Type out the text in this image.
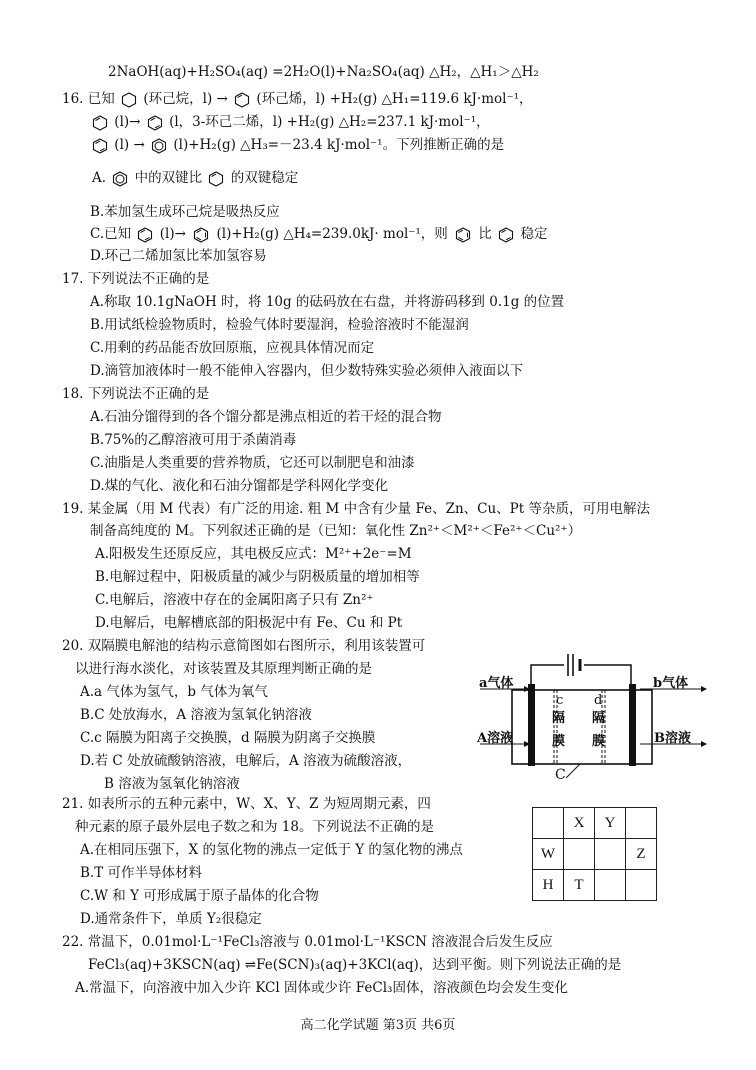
2NaOH(aq)+H₂SO₄(aq) =2H₂O(l)+Na₂SO₄(aq) △H₂，△H₁＞△H₂
16. 已知 (环己烷，l) → (环己烯，l) +H₂(g) △H₁=119.6 kJ·mol⁻¹，
(l)→ (l，3-环己二烯，l) +H₂(g) △H₂=237.1 kJ·mol⁻¹，
(l) → (l)+H₂(g) △H₃=－23.4 kJ·mol⁻¹。下列推断正确的是
A. 中的双键比 的双键稳定
B.苯加氢生成环己烷是吸热反应
C.已知 (l)→ (l)+H₂(g) △H₄=239.0kJ· mol⁻¹，则 比 稳定
D.环己二烯加氢比苯加氢容易
17. 下列说法不正确的是
A.称取 10.1gNaOH 时，将 10g 的砝码放在右盘，并将游码移到 0.1g 的位置
B.用试纸检验物质时，检验气体时要湿润，检验溶液时不能湿润
C.用剩的药品能否放回原瓶，应视具体情况而定
D.滴管加液体时一般不能伸入容器内，但少数特殊实验必须伸入液面以下
18. 下列说法不正确的是
A.石油分馏得到的各个馏分都是沸点相近的若干烃的混合物
B.75%的乙醇溶液可用于杀菌消毒
C.油脂是人类重要的营养物质，它还可以制肥皂和油漆
D.煤的气化、液化和石油分馏都是学科网化学变化
19. 某金属（用 M 代表）有广泛的用途. 粗 M 中含有少量 Fe、Zn、Cu、Pt 等杂质，可用电解法
制备高纯度的 M。下列叙述正确的是（已知：氧化性 Zn²⁺＜M²⁺＜Fe²⁺＜Cu²⁺）
A.阳极发生还原反应，其电极反应式：M²⁺+2e⁻=M
B.电解过程中，阳极质量的减少与阴极质量的增加相等
C.电解后，溶液中存在的金属阳离子只有 Zn²⁺
D.电解后，电解槽底部的阳极泥中有 Fe、Cu 和 Pt
20. 双隔膜电解池的结构示意简图如右图所示，利用该装置可
以进行海水淡化，对该装置及其原理判断正确的是
A.a 气体为氢气，b 气体为氧气
B.C 处放海水，A 溶液为氢氧化钠溶液
C.c 隔膜为阳离子交换膜，d 隔膜为阴离子交换膜
D.若 C 处放硫酸钠溶液，电解后，A 溶液为硫酸溶液，
B 溶液为氢氧化钠溶液
a气体	b气体
A溶液	B溶液
c
隔
膜
d
隔
膜
C
21. 如表所示的五种元素中，W、X、Y、Z 为短周期元素，四
种元素的原子最外层电子数之和为 18。下列说法不正确的是
A.在相同压强下，X 的氢化物的沸点一定低于 Y 的氢化物的沸点
B.T 可作半导体材料
C.W 和 Y 可形成属于原子晶体的化合物
D.通常条件下，单质 Y₂很稳定
	X	Y	
W			Z
H	T		
22. 常温下，0.01mol·L⁻¹FeCl₃溶液与 0.01mol·L⁻¹KSCN 溶液混合后发生反应
FeCl₃(aq)+3KSCN(aq) ⇌Fe(SCN)₃(aq)+3KCl(aq)，达到平衡。则下列说法正确的是
A.常温下，向溶液中加入少许 KCl 固体或少许 FeCl₃固体，溶液颜色均会发生变化
高二化学试题 第3页 共6页
